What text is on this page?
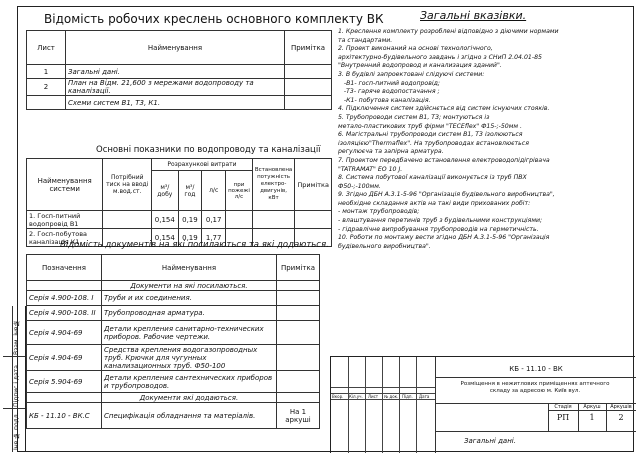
Взам. інв№
Підпис і дата
Інв.№ подл.
Відомість робочих креслень основного комплекту ВК
Лист	Найменування	Примітка
1	Загальні дані.	
2	План на Відм. 21,600 з мережами водопроводу та каналізації.	
	Схеми систем В1, Т3, К1.	
Основні показники по водопроводу та каналізації
Найменування системи	Потрібний тиск на вводі м.вод.ст.	Розрахункові витрати				Встановлена потужність електро- двигунів, кВт	Примітка
		м³/добу	м³/год	л/с	при пожежі л/с		
1. Госп-питний водопровід В1		0,154	0,19	0,17			
2. Госп-побутова каналізація К1		0,154	0,19	1,77			
Відомість документів на які посилаються та які додаються.
Позначення	Найменування	Примітка
	Документи на які посилаються.	
Серія 4.900-108. I	Труби и их соединения.	
Серія 4.900-108. II	Трубопроводная арматура.	
Серія 4.904-69	Детали крепления санитарно-технических приборов. Рабочие чертежи.	
Серія 4.904-69	Средства крепления водогазопроводных труб. Крючки для чугунных канализационных труб. Ф50-100	
Серія 5.904-69	Детали крепления сантехнических приборов и трубопроводов.	
	Документи які додаються.	
КБ - 11.10 - ВК.С	Специфікація обладнання та матеріалів.	На 1 аркуші
Загальні вказівки.
1. Креслення комплекту розроблені відповідно з діючими нормами
та стандартами.
2. Проект виконаний на основі технологічного,
архітектурно-будівельного завдань і згідно з СНиП 2.04.01-85
"Внутренний водопровод и канализация зданий".
3. В будівлі запроектовані слідуючі системи:
-В1- госп-питний водопровід;
-Т3- гаряче водопостачання ;
-К1- побутова каналізація.
4. Підключення систем здійснється від систем існуючих стояків.
5. Трубопроводи систем В1, Т3; монтуються із
метало-пластикових труб фірми "TECEflex" Ф15-;-50мм .
6. Магістральні трубопроводи систем В1, Т3 ізолюються
ізоляцією"Thermaflex". На трубопроводах встановлюється
регулюєча та запірна арматура.
7. Проектом передбачено встановлення електроводопідігрівача
"TATRAMAT" EO 10 J.
8. Система побутової каналізації виконується із труб ПВХ
Ф50-;-100мм.
9. Згідно ДБН А.3.1-5-96 "Організація будівельного виробництва",
необхідне складання актів на такі види прихованих робіт:
- монтаж трубопроводів;
- влаштування перетинів труб з будівельними конструкціями;
- гідравлічне випробування трубопроводів на герметичність.
10. Роботи по монтажу вести згідно ДБН А.3.1-5-96 "Організація
будівельного виробництва".
Вкор. Кіл.уч. Лист № док. Підп. Дата
КБ - 11.10 - ВК
Розміщення в нежитлових приміщеннях аптечного складу за адресою м. Київ вул.
Стадія	Аркуш	Аркушів
РП	1	2
Загальні дані.
